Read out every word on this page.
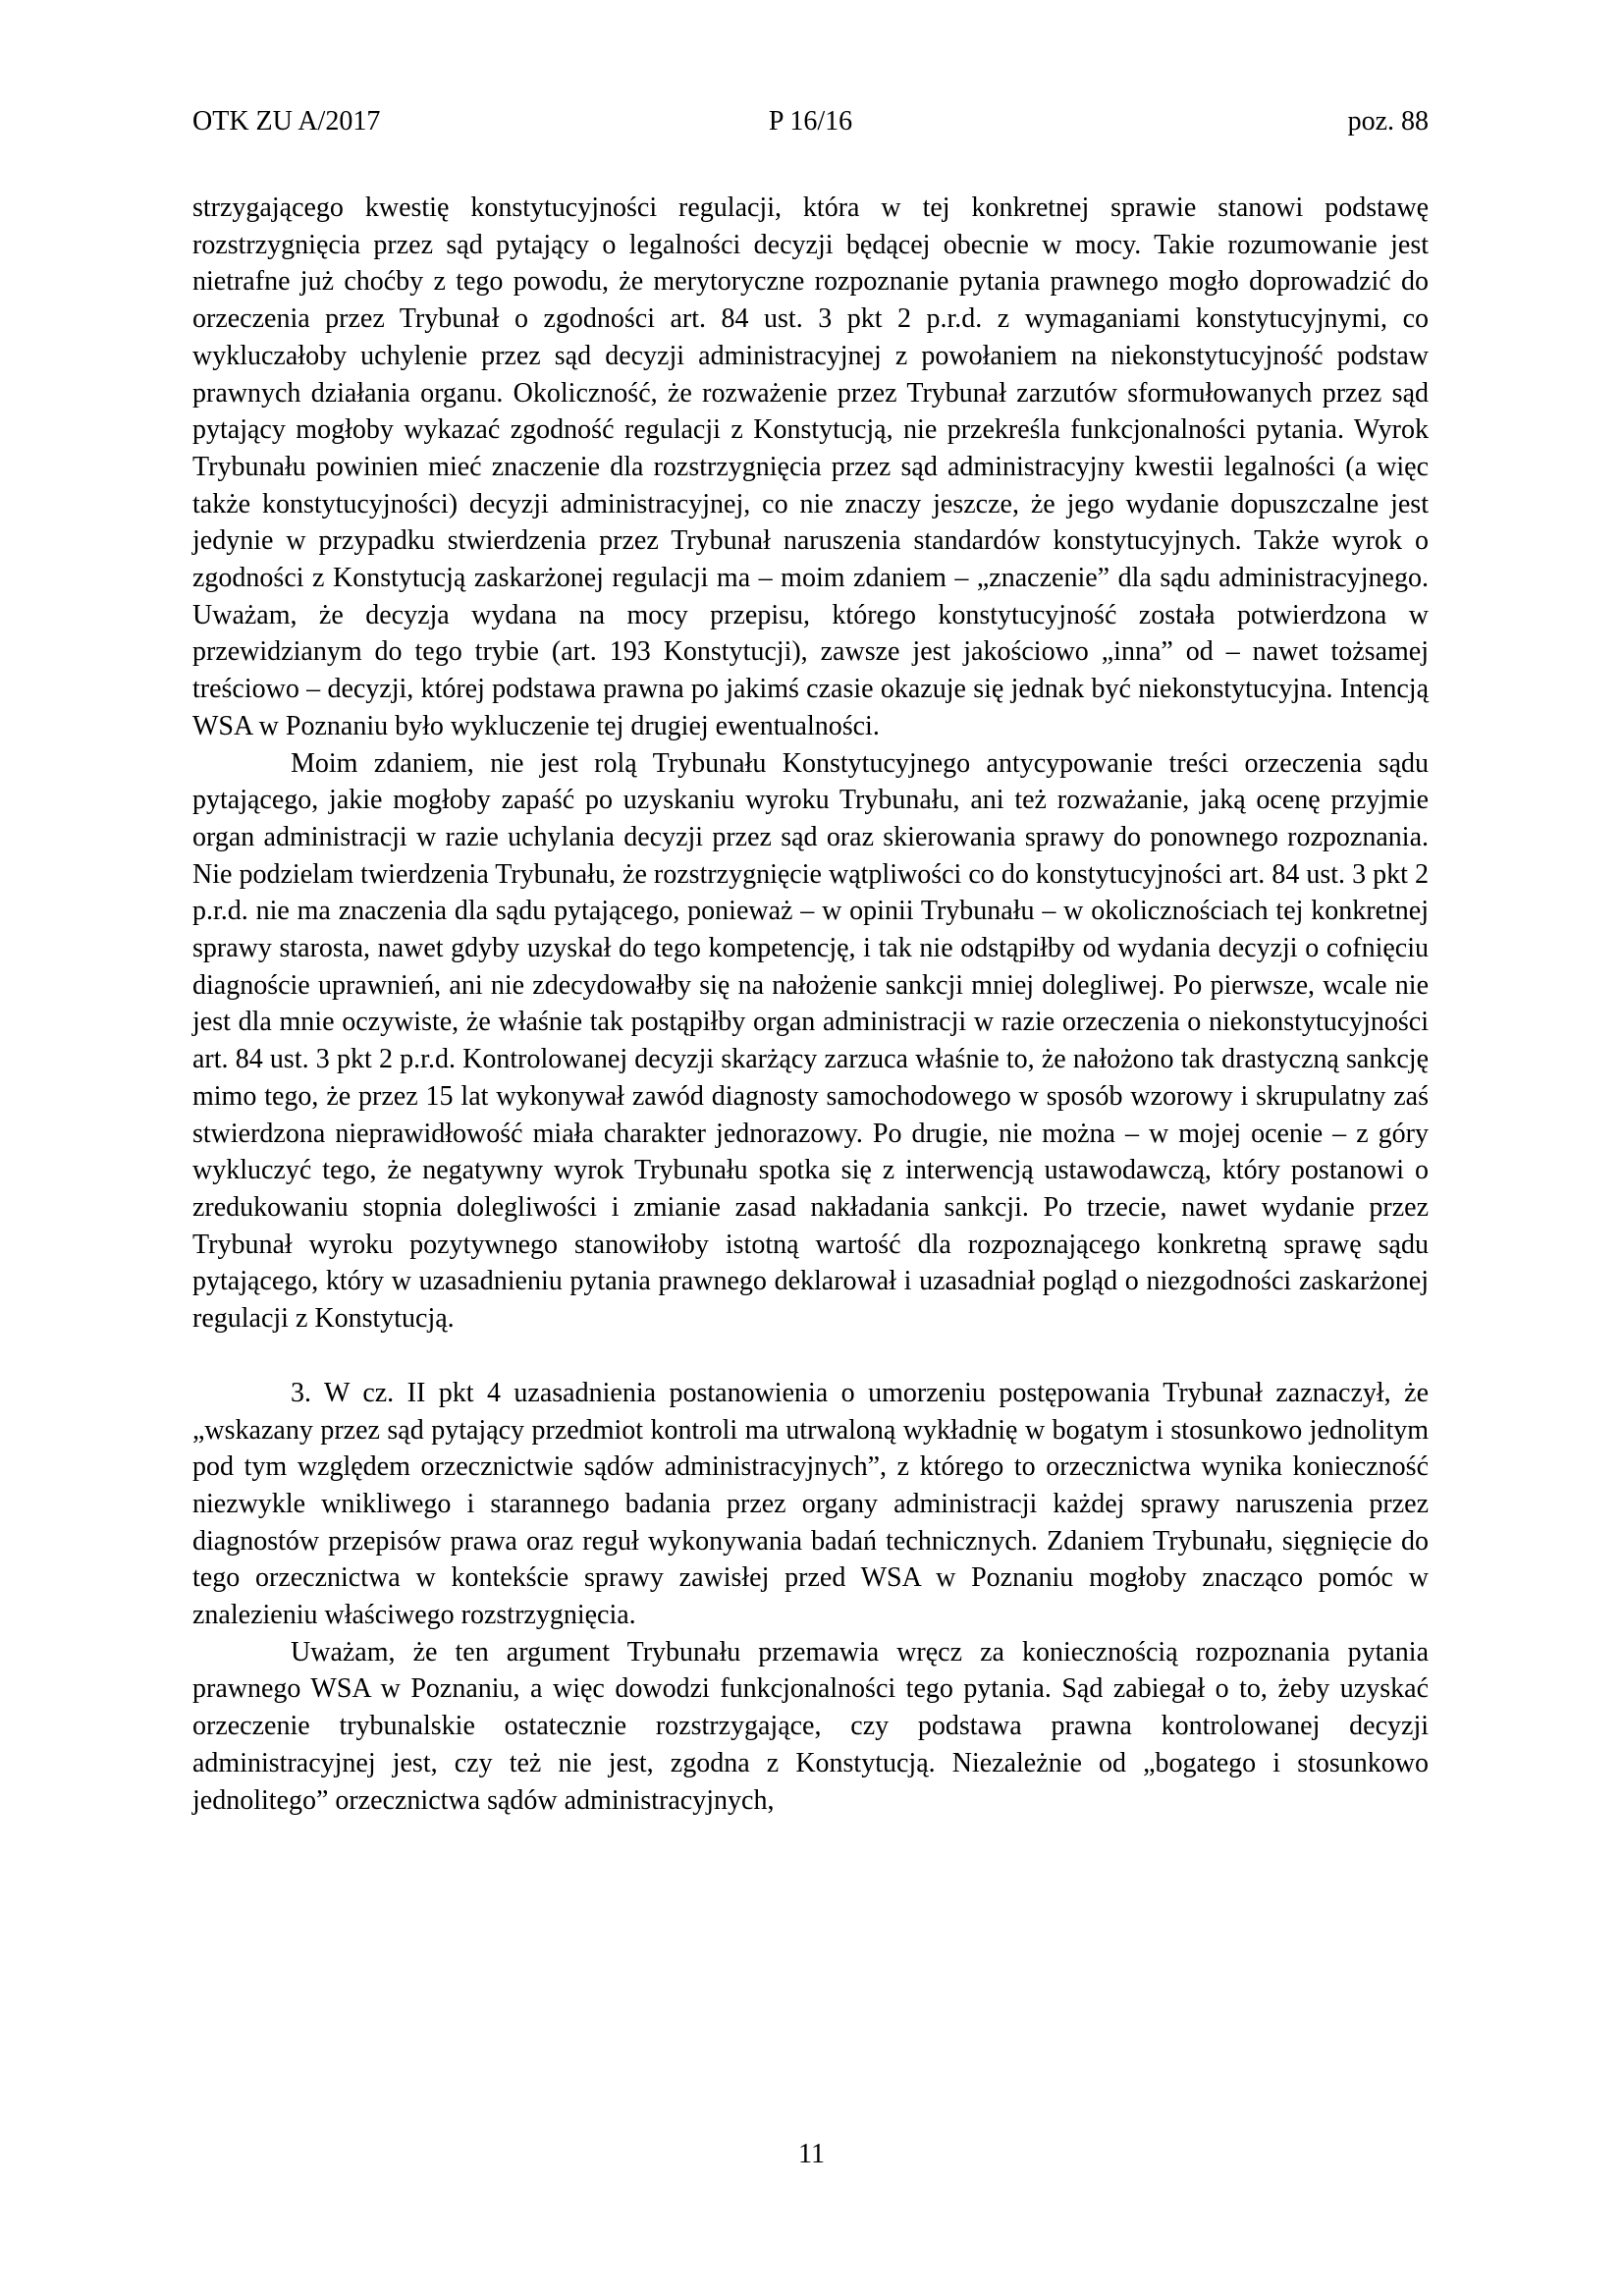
OTK ZU A/2017	P 16/16	poz. 88

strzygającego kwestię konstytucyjności regulacji, która w tej konkretnej sprawie stanowi podstawę rozstrzygnięcia przez sąd pytający o legalności decyzji będącej obecnie w mocy. Takie rozumowanie jest nietrafne już choćby z tego powodu, że merytoryczne rozpoznanie pytania prawnego mogło doprowadzić do orzeczenia przez Trybunał o zgodności art. 84 ust. 3 pkt 2 p.r.d. z wymaganiami konstytucyjnymi, co wykluczałoby uchylenie przez sąd decyzji administracyjnej z powołaniem na niekonstytucyjność podstaw prawnych działania organu. Okoliczność, że rozważenie przez Trybunał zarzutów sformułowanych przez sąd pytający mogłoby wykazać zgodność regulacji z Konstytucją, nie przekreśla funkcjonalności pytania. Wyrok Trybunału powinien mieć znaczenie dla rozstrzygnięcia przez sąd administracyjny kwestii legalności (a więc także konstytucyjności) decyzji administracyjnej, co nie znaczy jeszcze, że jego wydanie dopuszczalne jest jedynie w przypadku stwierdzenia przez Trybunał naruszenia standardów konstytucyjnych. Także wyrok o zgodności z Konstytucją zaskarżonej regulacji ma – moim zdaniem – „znaczenie” dla sądu administracyjnego. Uważam, że decyzja wydana na mocy przepisu, którego konstytucyjność została potwierdzona w przewidzianym do tego trybie (art. 193 Konstytucji), zawsze jest jakościowo „inna” od – nawet tożsamej treściowo – decyzji, której podstawa prawna po jakimś czasie okazuje się jednak być niekonstytucyjna. Intencją WSA w Poznaniu było wykluczenie tej drugiej ewentualności.

Moim zdaniem, nie jest rolą Trybunału Konstytucyjnego antycypowanie treści orzeczenia sądu pytającego, jakie mogłoby zapaść po uzyskaniu wyroku Trybunału, ani też rozważanie, jaką ocenę przyjmie organ administracji w razie uchylania decyzji przez sąd oraz skierowania sprawy do ponownego rozpoznania. Nie podzielam twierdzenia Trybunału, że rozstrzygnięcie wątpliwości co do konstytucyjności art. 84 ust. 3 pkt 2 p.r.d. nie ma znaczenia dla sądu pytającego, ponieważ – w opinii Trybunału – w okolicznościach tej konkretnej sprawy starosta, nawet gdyby uzyskał do tego kompetencję, i tak nie odstąpiłby od wydania decyzji o cofnięciu diagnoście uprawnień, ani nie zdecydowałby się na nałożenie sankcji mniej dolegliwej. Po pierwsze, wcale nie jest dla mnie oczywiste, że właśnie tak postąpiłby organ administracji w razie orzeczenia o niekonstytucyjności art. 84 ust. 3 pkt 2 p.r.d. Kontrolowanej decyzji skarżący zarzuca właśnie to, że nałożono tak drastyczną sankcję mimo tego, że przez 15 lat wykonywał zawód diagnosty samochodowego w sposób wzorowy i skrupulatny zaś stwierdzona nieprawidłowość miała charakter jednorazowy. Po drugie, nie można – w mojej ocenie – z góry wykluczyć tego, że negatywny wyrok Trybunału spotka się z interwencją ustawodawczą, który postanowi o zredukowaniu stopnia dolegliwości i zmianie zasad nakładania sankcji. Po trzecie, nawet wydanie przez Trybunał wyroku pozytywnego stanowiłoby istotną wartość dla rozpoznającego konkretną sprawę sądu pytającego, który w uzasadnieniu pytania prawnego deklarował i uzasadniał pogląd o niezgodności zaskarżonej regulacji z Konstytucją.

3. W cz. II pkt 4 uzasadnienia postanowienia o umorzeniu postępowania Trybunał zaznaczył, że „wskazany przez sąd pytający przedmiot kontroli ma utrwaloną wykładnię w bogatym i stosunkowo jednolitym pod tym względem orzecznictwie sądów administracyjnych”, z którego to orzecznictwa wynika konieczność niezwykle wnikliwego i starannego badania przez organy administracji każdej sprawy naruszenia przez diagnostów przepisów prawa oraz reguł wykonywania badań technicznych. Zdaniem Trybunału, sięgnięcie do tego orzecznictwa w kontekście sprawy zawisłej przed WSA w Poznaniu mogłoby znacząco pomóc w znalezieniu właściwego rozstrzygnięcia.

Uważam, że ten argument Trybunału przemawia wręcz za koniecznością rozpoznania pytania prawnego WSA w Poznaniu, a więc dowodzi funkcjonalności tego pytania. Sąd zabiegał o to, żeby uzyskać orzeczenie trybunalskie ostatecznie rozstrzygające, czy podstawa prawna kontrolowanej decyzji administracyjnej jest, czy też nie jest, zgodna z Konstytucją. Niezależnie od „bogatego i stosunkowo jednolitego” orzecznictwa sądów administracyjnych,

11
